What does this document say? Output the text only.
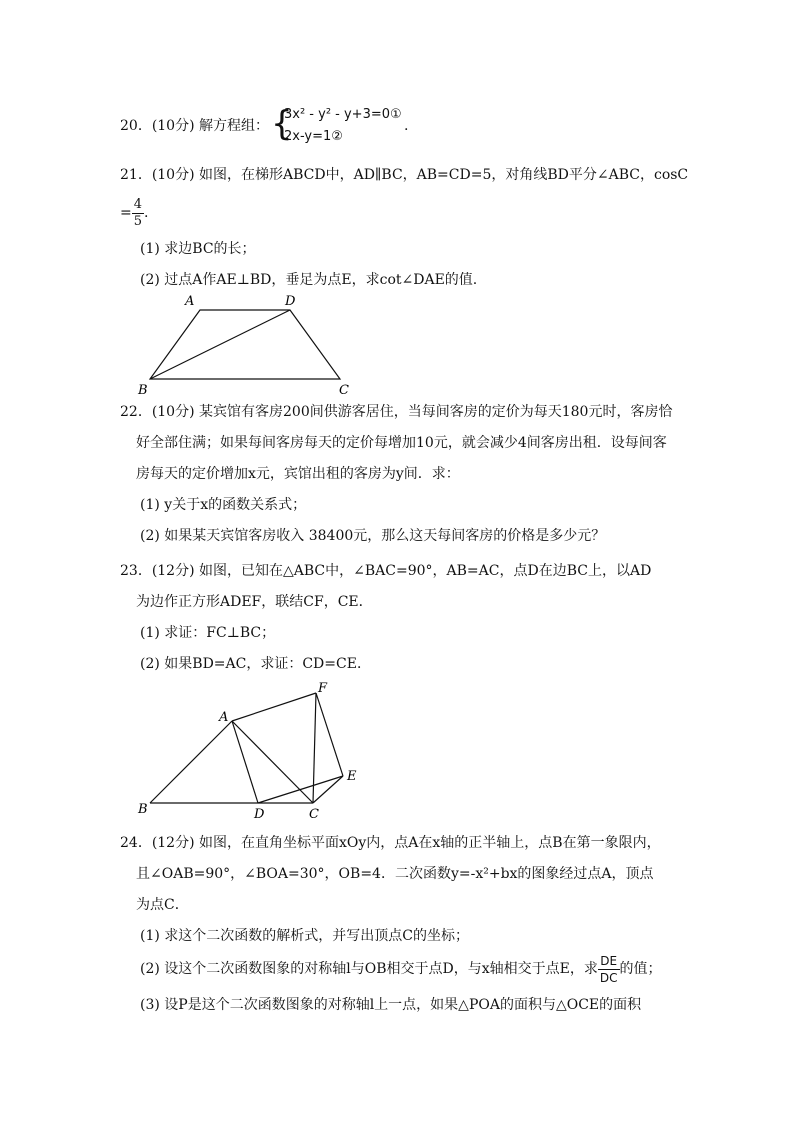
20．(10分) 解方程组： {
3x² - y² - y+3=0①
2x-y=1②
.
21．(10分) 如图，在梯形ABCD中，AD∥BC，AB=CD=5，对角线BD平分∠ABC，cosC
= $\frac{4}{5}$ .
(1) 求边BC的长；
(2) 过点A作AE⊥BD，垂足为点E，求cot∠DAE的值.
A	D
B	C
22．(10分) 某宾馆有客房200间供游客居住，当每间客房的定价为每天180元时，客房恰
好全部住满；如果每间客房每天的定价每增加10元，就会减少4间客房出租．设每间客
房每天的定价增加x元，宾馆出租的客房为y间．求：
(1) y关于x的函数关系式；
(2) 如果某天宾馆客房收入 38400元，那么这天每间客房的价格是多少元？
23．(12分) 如图，已知在△ABC中，∠BAC=90°，AB=AC，点D在边BC上，以AD
为边作正方形ADEF，联结CF，CE．
(1) 求证：FC⊥BC；
(2) 如果BD=AC，求证：CD=CE．
A
B	C
D
E
F
24．(12分) 如图，在直角坐标平面xOy内，点A在x轴的正半轴上，点B在第一象限内，
且∠OAB=90°，∠BOA=30°，OB=4．二次函数y=-x²+bx的图象经过点A，顶点
为点C．
(1) 求这个二次函数的解析式，并写出顶点C的坐标；
(2) 设这个二次函数图象的对称轴l与OB相交于点D，与x轴相交于点E，求 $\frac{DE}{DC}$ 的值；
(3) 设P是这个二次函数图象的对称轴l上一点，如果△POA的面积与△OCE的面积
